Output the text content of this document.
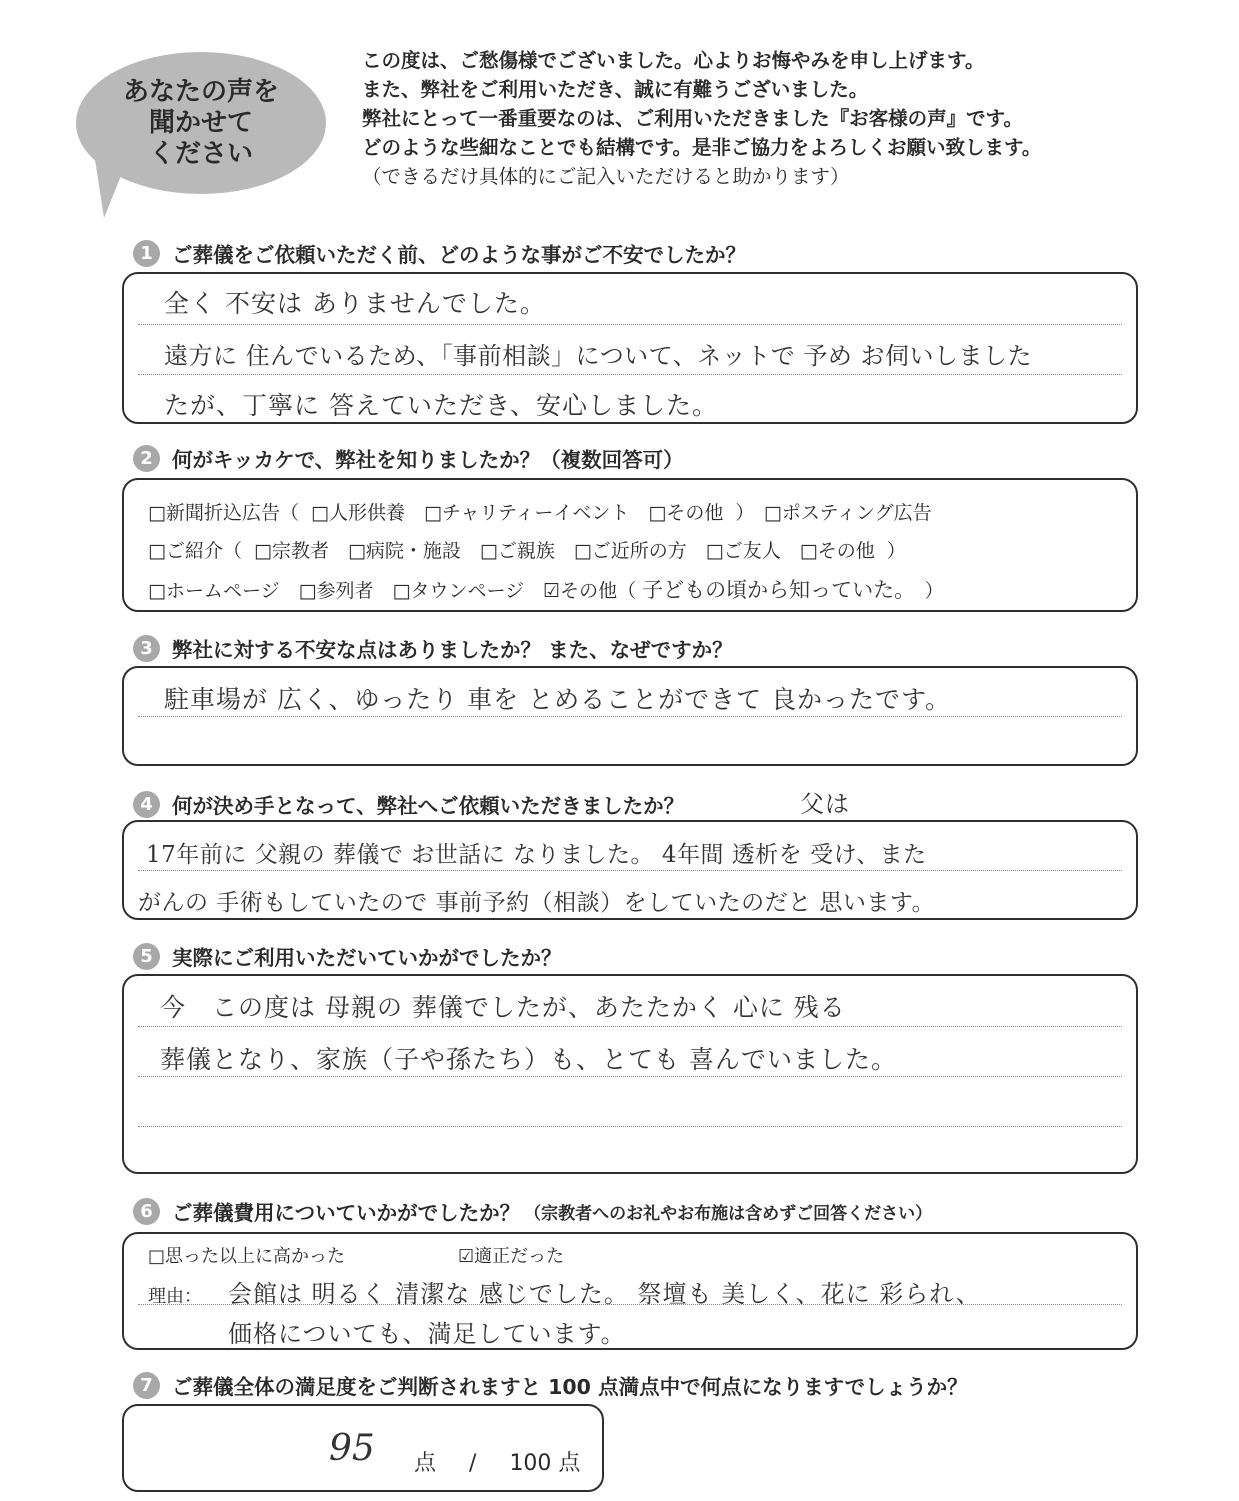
あなたの声を
聞かせて
ください
この度は、ご愁傷様でございました。心よりお悔やみを申し上げます。
また、弊社をご利用いただき、誠に有難うございました。
弊社にとって一番重要なのは、ご利用いただきました『お客様の声』です。
どのような些細なことでも結構です。是非ご協力をよろしくお願い致します。
（できるだけ具体的にご記入いただけると助かります）
1 ご葬儀をご依頼いただく前、どのような事がご不安でしたか？
全く 不安は ありませんでした。
遠方に 住んでいるため、「事前相談」について、ネットで 予め お伺いしました
たが、丁寧に 答えていただき、安心しました。
2 何がキッカケで、弊社を知りましたか？（複数回答可）
□新聞折込広告（ □人形供養　□チャリティーイベント　□その他 ）　□ポスティング広告
□ご紹介（ □宗教者　□病院・施設　□ご親族　□ご近所の方　□ご友人　□その他 ）
□ホームページ　□参列者　□タウンページ　☑その他（ 子どもの頃から知っていた。 ）
3 弊社に対する不安な点はありましたか？ また、なぜですか？
駐車場が 広く、ゆったり 車を とめることができて 良かったです。
4 何が決め手となって、弊社へご依頼いただきましたか？	父は
17年前に 父親の 葬儀で お世話に なりました。 4年間 透析を 受け、また
がんの 手術もしていたので 事前予約（相談）をしていたのだと 思います。
5 実際にご利用いただいていかがでしたか？
今　この度は 母親の 葬儀でしたが、あたたかく 心に 残る
葬儀となり、家族（子や孫たち）も、とても 喜んでいました。
6 ご葬儀費用についていかがでしたか？ （宗教者へのお礼やお布施は含めずご回答ください）
□思った以上に高かった	☑適正だった
理由： 会館は 明るく 清潔な 感じでした。 祭壇も 美しく、花に 彩られ、
価格についても、満足しています。
7 ご葬儀全体の満足度をご判断されますと 100 点満点中で何点になりますでしょうか？
95 点 / 100 点
